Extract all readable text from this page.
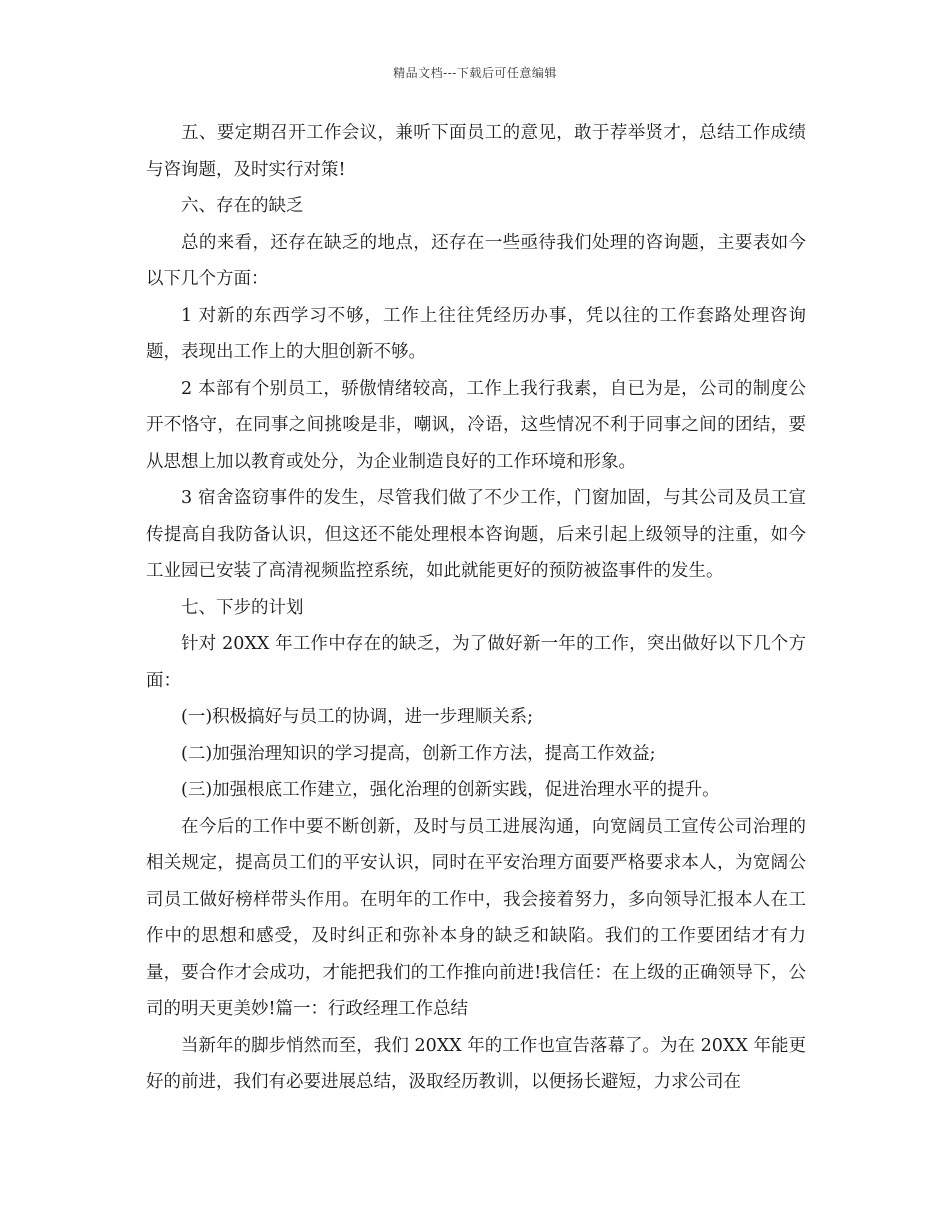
精品文档---下载后可任意编辑

五、要定期召开工作会议，兼听下面员工的意见，敢于荐举贤才，总结工作成绩与咨询题，及时实行对策!

六、存在的缺乏

总的来看，还存在缺乏的地点，还存在一些亟待我们处理的咨询题，主要表如今以下几个方面：

1 对新的东西学习不够，工作上往往凭经历办事，凭以往的工作套路处理咨询题，表现出工作上的大胆创新不够。

2 本部有个别员工，骄傲情绪较高，工作上我行我素，自已为是，公司的制度公开不恪守，在同事之间挑唆是非，嘲讽，冷语，这些情况不利于同事之间的团结，要从思想上加以教育或处分，为企业制造良好的工作环境和形象。

3 宿舍盗窃事件的发生，尽管我们做了不少工作，门窗加固，与其公司及员工宣传提高自我防备认识，但这还不能处理根本咨询题，后来引起上级领导的注重，如今工业园已安装了高清视频监控系统，如此就能更好的预防被盗事件的发生。

七、下步的计划

针对 20XX 年工作中存在的缺乏，为了做好新一年的工作，突出做好以下几个方面：

(一)积极搞好与员工的协调，进一步理顺关系;

(二)加强治理知识的学习提高，创新工作方法，提高工作效益;

(三)加强根底工作建立，强化治理的创新实践，促进治理水平的提升。

在今后的工作中要不断创新，及时与员工进展沟通，向宽阔员工宣传公司治理的相关规定，提高员工们的平安认识，同时在平安治理方面要严格要求本人，为宽阔公司员工做好榜样带头作用。在明年的工作中，我会接着努力，多向领导汇报本人在工作中的思想和感受，及时纠正和弥补本身的缺乏和缺陷。我们的工作要团结才有力量，要合作才会成功，才能把我们的工作推向前进!我信任：在上级的正确领导下，公司的明天更美妙!篇一：行政经理工作总结

当新年的脚步悄然而至，我们 20XX 年的工作也宣告落幕了。为在 20XX 年能更好的前进，我们有必要进展总结，汲取经历教训，以便扬长避短，力求公司在
